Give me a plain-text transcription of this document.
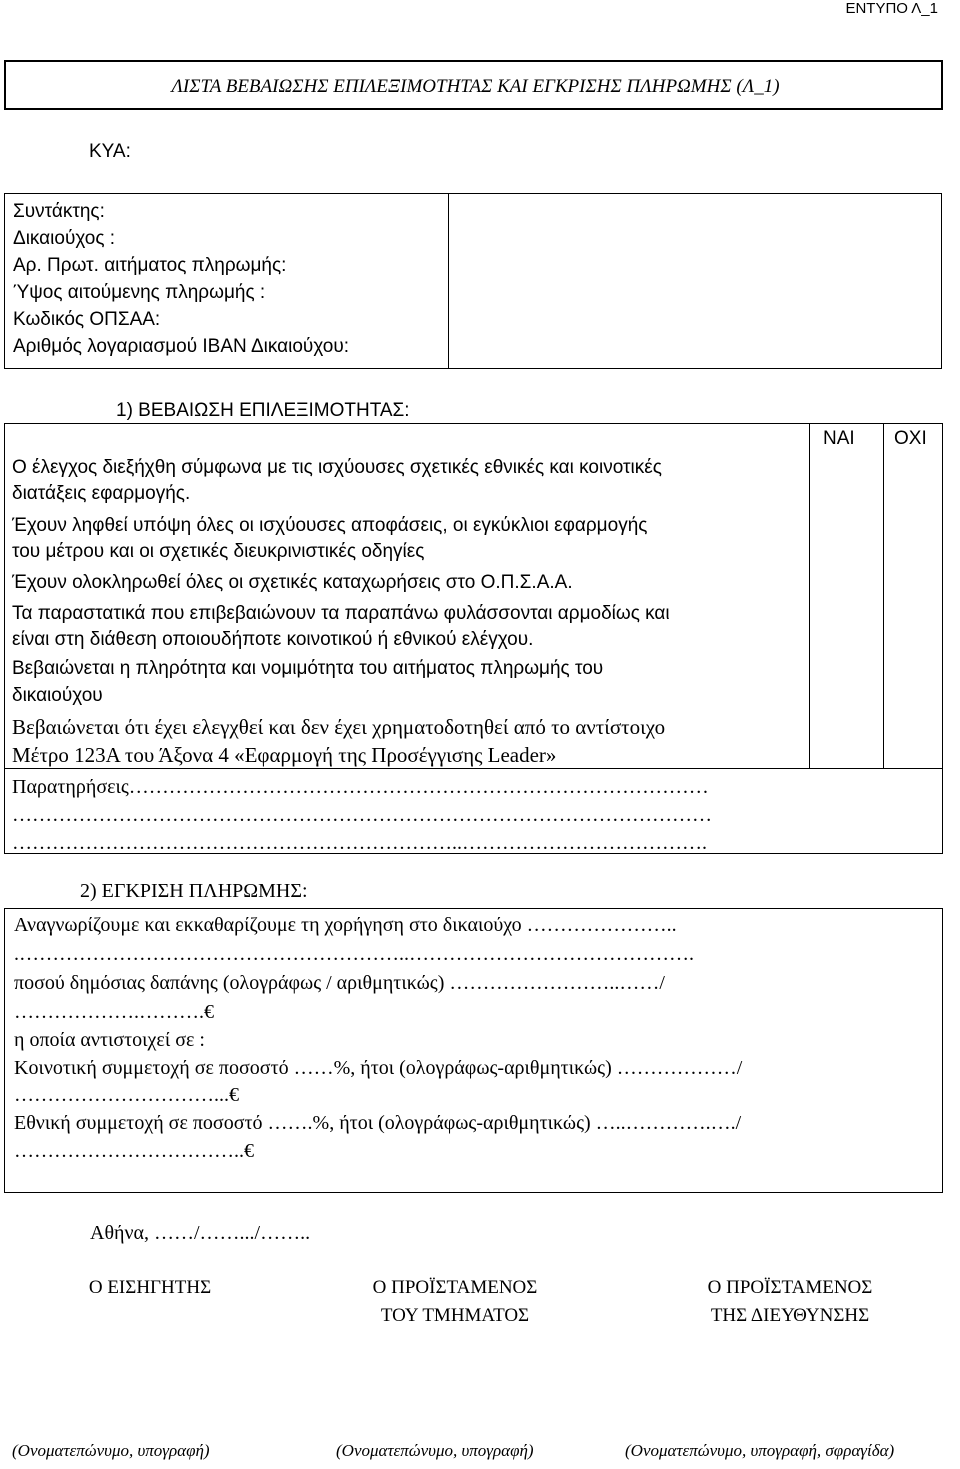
ΕΝΤΥΠΟ Λ_1
ΛΙΣΤΑ ΒΕΒΑΙΩΣΗΣ ΕΠΙΛΕΞΙΜΟΤΗΤΑΣ ΚΑΙ ΕΓΚΡΙΣΗΣ ΠΛΗΡΩΜΗΣ (Λ_1)
ΚΥΑ:
Συντάκτης:
Δικαιούχος :
Αρ. Πρωτ. αιτήματος πληρωμής:
Ύψος αιτούμενης πληρωμής :
Κωδικός ΟΠΣΑΑ:
Αριθμός λογαριασμού ΙΒΑΝ Δικαιούχου:
1) ΒΕΒΑΙΩΣΗ ΕΠΙΛΕΞΙΜΟΤΗΤΑΣ:
ΝΑΙ ΟΧΙ
Ο έλεγχος διεξήχθη σύμφωνα με τις ισχύουσες σχετικές εθνικές και κοινοτικές
διατάξεις εφαρμογής.
Έχουν ληφθεί υπόψη όλες οι ισχύουσες αποφάσεις, οι εγκύκλιοι εφαρμογής
του μέτρου και οι σχετικές διευκρινιστικές οδηγίες
Έχουν ολοκληρωθεί όλες οι σχετικές καταχωρήσεις στο Ο.Π.Σ.Α.Α.
Τα παραστατικά που επιβεβαιώνουν τα παραπάνω φυλάσσονται αρμοδίως και
είναι στη διάθεση οποιουδήποτε κοινοτικού ή εθνικού ελέγχου.
Βεβαιώνεται η πληρότητα και νομιμότητα του αιτήματος πληρωμής του
δικαιούχου
Βεβαιώνεται ότι έχει ελεγχθεί και δεν έχει χρηματοδοτηθεί από το αντίστοιχο
Μέτρο 123Α του Άξονα 4 «Εφαρμογή της Προσέγγισης Leader»
Παρατηρήσεις……………………………………………………………………………
……………………………………………………………………………………………
…………………………………………………………..……………………………….
2) ΕΓΚΡΙΣΗ ΠΛΗΡΩΜΗΣ:
Αναγνωρίζουμε και εκκαθαρίζουμε τη χορήγηση στο δικαιούχο …………………..
.…………………………………………………..…………………………………….
ποσού δημόσιας δαπάνης (ολογράφως / αριθμητικώς) ……………………..……/
……………….……….€
η οποία αντιστοιχεί σε :
Κοινοτική συμμετοχή σε ποσοστό ……%, ήτοι (ολογράφως-αριθμητικώς) ………………/
…………………………...€
Εθνική συμμετοχή σε ποσοστό …….%, ήτοι (ολογράφως-αριθμητικώς) …..………….…./
……………………………..€
Αθήνα, ……/…….../……..
Ο ΕΙΣΗΓΗΤΗΣ	Ο ΠΡΟΪΣΤΑΜΕΝΟΣ
ΤΟΥ ΤΜΗΜΑΤΟΣ
Ο ΠΡΟΪΣΤΑΜΕΝΟΣ
ΤΗΣ ΔΙΕΥΘΥΝΣΗΣ
(Ονοματεπώνυμο, υπογραφή)	(Ονοματεπώνυμο, υπογραφή)	(Ονοματεπώνυμο, υπογραφή, σφραγίδα)
